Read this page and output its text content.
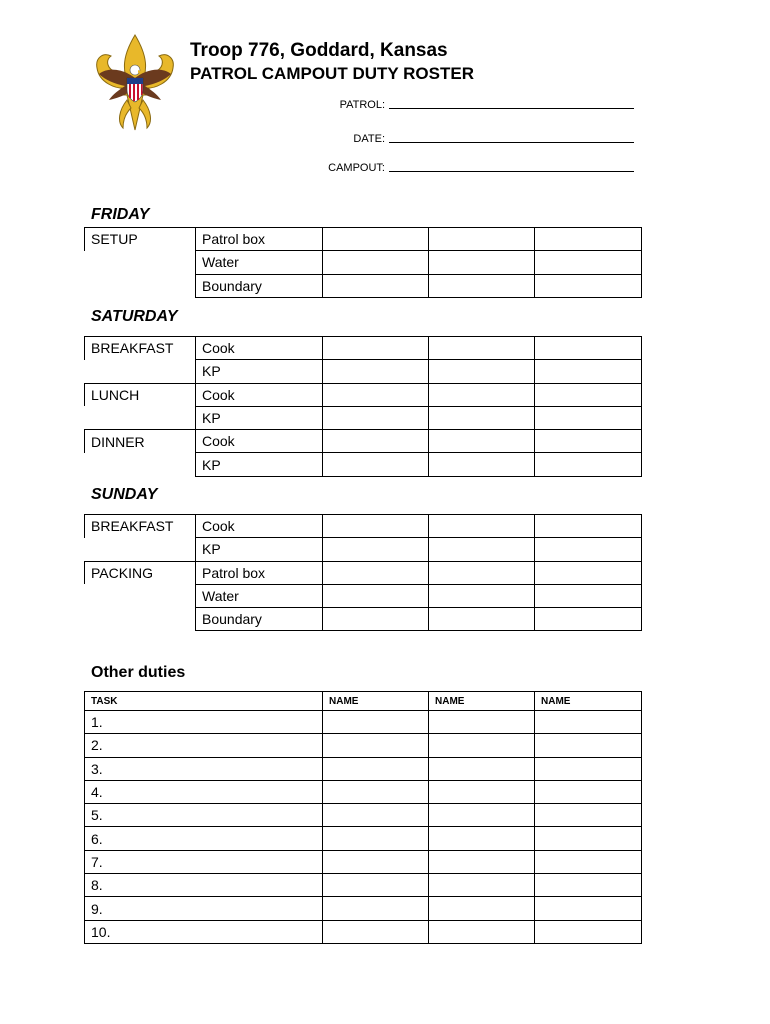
Troop 776, Goddard, Kansas
PATROL CAMPOUT DUTY ROSTER
PATROL:
DATE:
CAMPOUT:
FRIDAY
SETUP	Patrol box			
	Water			
	Boundary			
SATURDAY
BREAKFAST	Cook			
	KP			
LUNCH	Cook			
	KP			
DINNER	Cook			
	KP			
SUNDAY
BREAKFAST	Cook			
	KP			
PACKING	Patrol box			
	Water			
	Boundary			
Other duties
TASK	NAME	NAME	NAME
1.			
2.			
3.			
4.			
5.			
6.			
7.			
8.			
9.			
10.			
